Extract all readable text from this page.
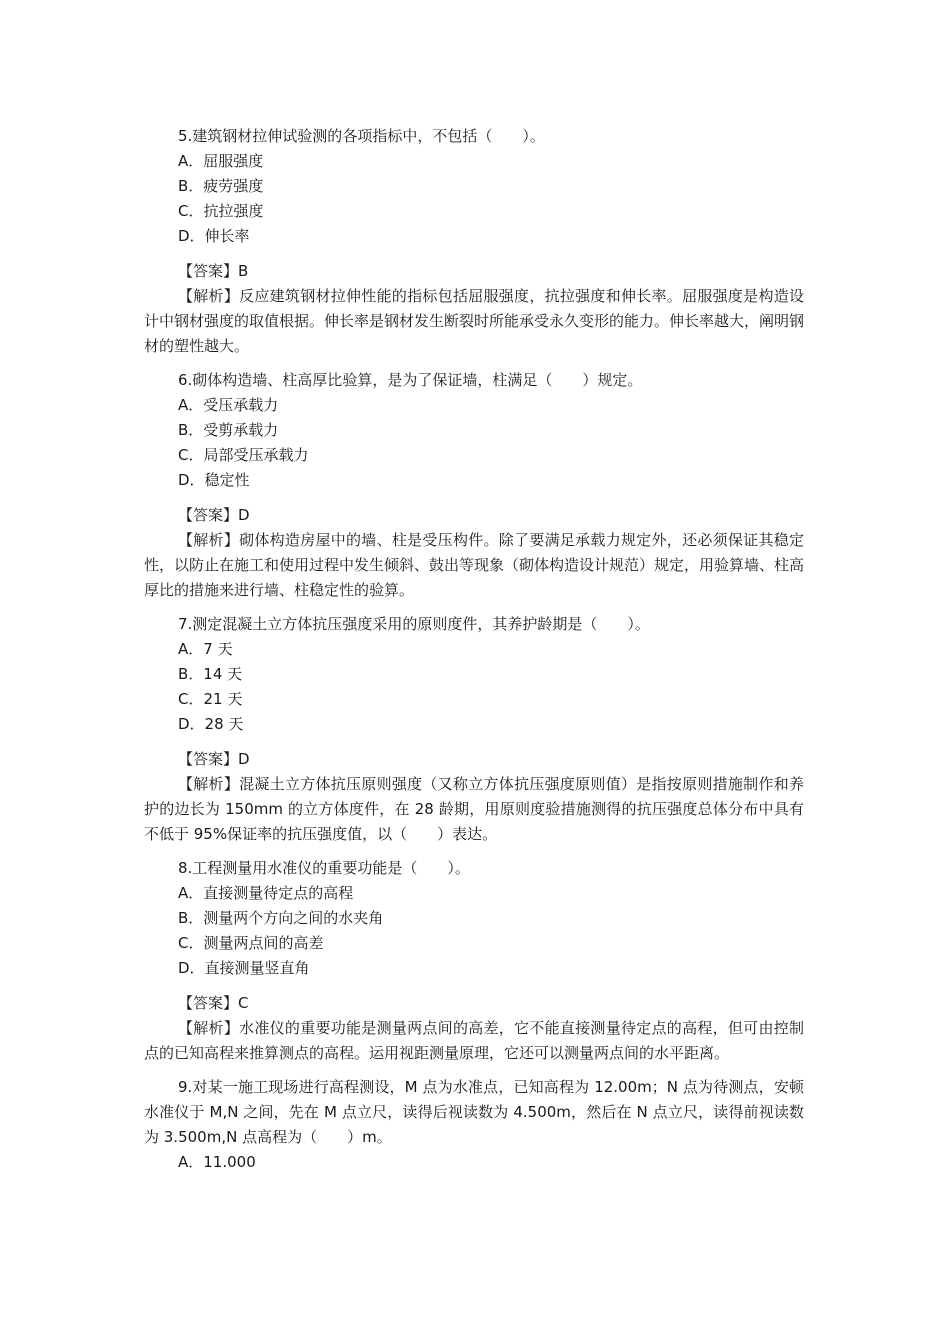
5.建筑钢材拉伸试验测的各项指标中，不包括（　　）。

A．屈服强度

B．疲劳强度

C．抗拉强度

D．伸长率

【答案】B

【解析】反应建筑钢材拉伸性能的指标包括屈服强度，抗拉强度和伸长率。屈服强度是构造设计中钢材强度的取值根据。伸长率是钢材发生断裂时所能承受永久变形的能力。伸长率越大，阐明钢材的塑性越大。

6.砌体构造墙、柱高厚比验算，是为了保证墙，柱满足（　　）规定。

A．受压承载力

B．受剪承载力

C．局部受压承载力

D．稳定性

【答案】D

【解析】砌体构造房屋中的墙、柱是受压构件。除了要满足承载力规定外，还必须保证其稳定性，以防止在施工和使用过程中发生倾斜、鼓出等现象（砌体构造设计规范）规定，用验算墙、柱高厚比的措施来进行墙、柱稳定性的验算。

7.测定混凝土立方体抗压强度采用的原则度件，其养护龄期是（　　）。

A．7 天

B．14 天

C．21 天

D．28 天

【答案】D

【解析】混凝土立方体抗压原则强度（又称立方体抗压强度原则值）是指按原则措施制作和养护的边长为 150mm 的立方体度件，在 28 龄期，用原则度验措施测得的抗压强度总体分布中具有不低于 95%保证率的抗压强度值，以（　　）表达。

8.工程测量用水准仪的重要功能是（　　）。

A．直接测量待定点的高程

B．测量两个方向之间的水夹角

C．测量两点间的高差

D．直接测量竖直角

【答案】C

【解析】水准仪的重要功能是测量两点间的高差，它不能直接测量待定点的高程，但可由控制点的已知高程来推算测点的高程。运用视距测量原理，它还可以测量两点间的水平距离。

9.对某一施工现场进行高程测设，M 点为水准点，已知高程为 12.00m；N 点为待测点，安顿水准仪于 M,N 之间，先在 M 点立尺，读得后视读数为 4.500m，然后在 N 点立尺，读得前视读数为 3.500m,N 点高程为（　　）m。

A．11.000
